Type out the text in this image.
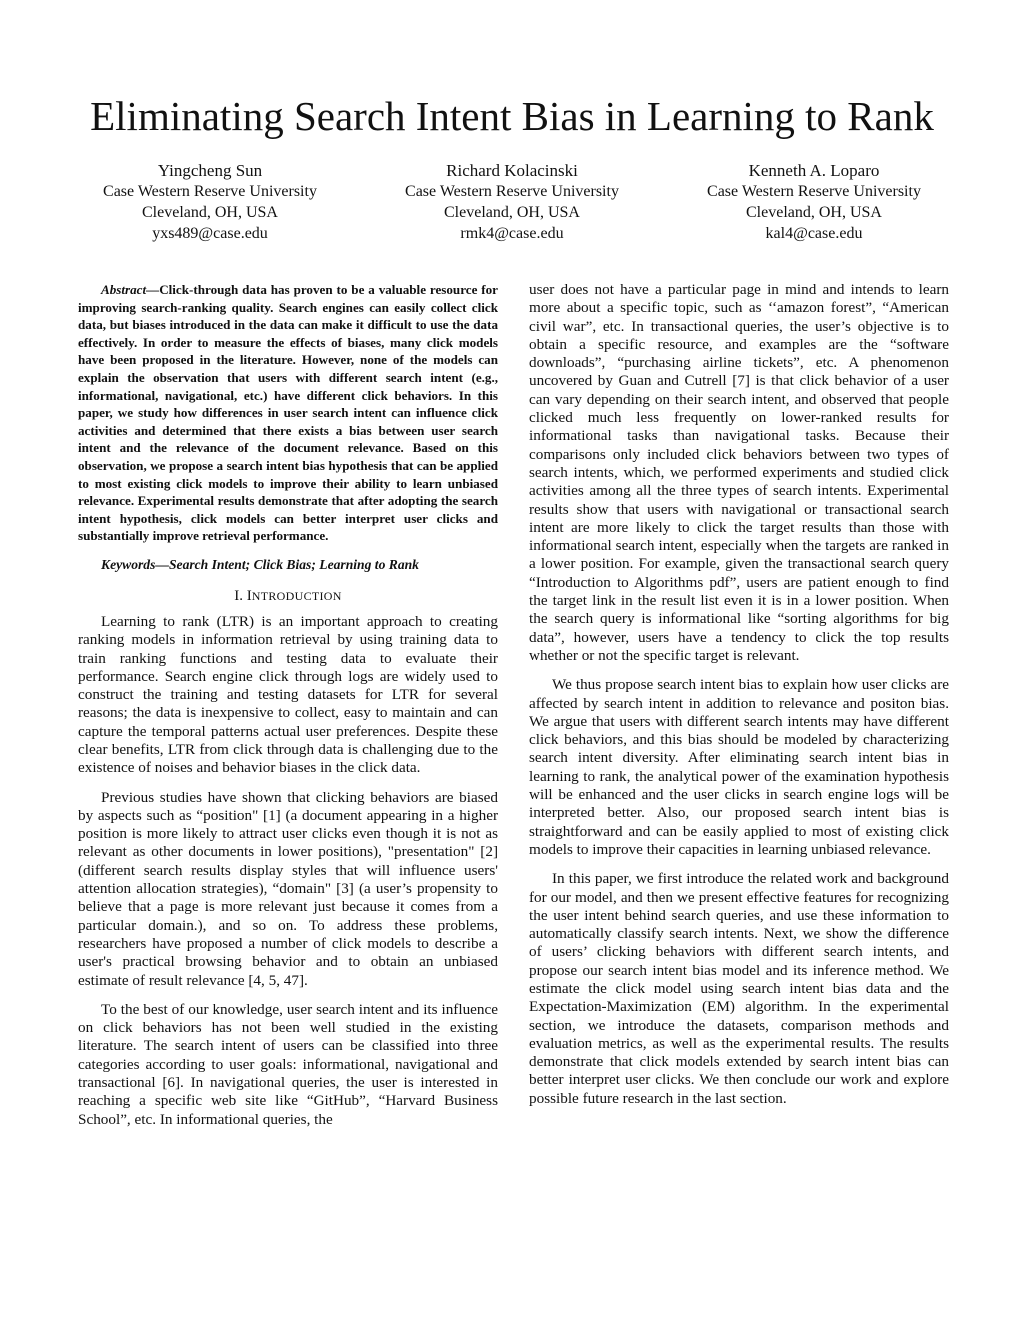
Eliminating Search Intent Bias in Learning to Rank
Yingcheng Sun
Case Western Reserve University
Cleveland, OH, USA
yxs489@case.edu
Richard Kolacinski
Case Western Reserve University
Cleveland, OH, USA
rmk4@case.edu
Kenneth A. Loparo
Case Western Reserve University
Cleveland, OH, USA
kal4@case.edu

Abstract—Click-through data has proven to be a valuable resource for improving search-ranking quality. Search engines can easily collect click data, but biases introduced in the data can make it difficult to use the data effectively. In order to measure the effects of biases, many click models have been proposed in the literature. However, none of the models can explain the observation that users with different search intent (e.g., informational, navigational, etc.) have different click behaviors. In this paper, we study how differences in user search intent can influence click activities and determined that there exists a bias between user search intent and the relevance of the document relevance. Based on this observation, we propose a search intent bias hypothesis that can be applied to most existing click models to improve their ability to learn unbiased relevance. Experimental results demonstrate that after adopting the search intent hypothesis, click models can better interpret user clicks and substantially improve retrieval performance.

Keywords—Search Intent; Click Bias; Learning to Rank

I. INTRODUCTION

Learning to rank (LTR) is an important approach to creating ranking models in information retrieval by using training data to train ranking functions and testing data to evaluate their performance. Search engine click through logs are widely used to construct the training and testing datasets for LTR for several reasons; the data is inexpensive to collect, easy to maintain and can capture the temporal patterns actual user preferences. Despite these clear benefits, LTR from click through data is challenging due to the existence of noises and behavior biases in the click data.

Previous studies have shown that clicking behaviors are biased by aspects such as “position" [1] (a document appearing in a higher position is more likely to attract user clicks even though it is not as relevant as other documents in lower positions), "presentation" [2] (different search results display styles that will influence users' attention allocation strategies), “domain" [3] (a user’s propensity to believe that a page is more relevant just because it comes from a particular domain.), and so on. To address these problems, researchers have proposed a number of click models to describe a user's practical browsing behavior and to obtain an unbiased estimate of result relevance [4, 5, 47].

To the best of our knowledge, user search intent and its influence on click behaviors has not been well studied in the existing literature. The search intent of users can be classified into three categories according to user goals: informational, navigational and transactional [6]. In navigational queries, the user is interested in reaching a specific web site like “GitHub”, “Harvard Business School”, etc. In informational queries, the

user does not have a particular page in mind and intends to learn more about a specific topic, such as ‘‘amazon forest”, “American civil war”, etc. In transactional queries, the user’s objective is to obtain a specific resource, and examples are the “software downloads”, “purchasing airline tickets”, etc. A phenomenon uncovered by Guan and Cutrell [7] is that click behavior of a user can vary depending on their search intent, and observed that people clicked much less frequently on lower-ranked results for informational tasks than navigational tasks. Because their comparisons only included click behaviors between two types of search intents, which, we performed experiments and studied click activities among all the three types of search intents. Experimental results show that users with navigational or transactional search intent are more likely to click the target results than those with informational search intent, especially when the targets are ranked in a lower position. For example, given the transactional search query “Introduction to Algorithms pdf”, users are patient enough to find the target link in the result list even it is in a lower position. When the search query is informational like “sorting algorithms for big data”, however, users have a tendency to click the top results whether or not the specific target is relevant.

We thus propose search intent bias to explain how user clicks are affected by search intent in addition to relevance and positon bias. We argue that users with different search intents may have different click behaviors, and this bias should be modeled by characterizing search intent diversity. After eliminating search intent bias in learning to rank, the analytical power of the examination hypothesis will be enhanced and the user clicks in search engine logs will be interpreted better. Also, our proposed search intent bias is straightforward and can be easily applied to most of existing click models to improve their capacities in learning unbiased relevance.

In this paper, we first introduce the related work and background for our model, and then we present effective features for recognizing the user intent behind search queries, and use these information to automatically classify search intents. Next, we show the difference of users’ clicking behaviors with different search intents, and propose our search intent bias model and its inference method. We estimate the click model using search intent bias data and the Expectation-Maximization (EM) algorithm. In the experimental section, we introduce the datasets, comparison methods and evaluation metrics, as well as the experimental results. The results demonstrate that click models extended by search intent bias can better interpret user clicks. We then conclude our work and explore possible future research in the last section.
